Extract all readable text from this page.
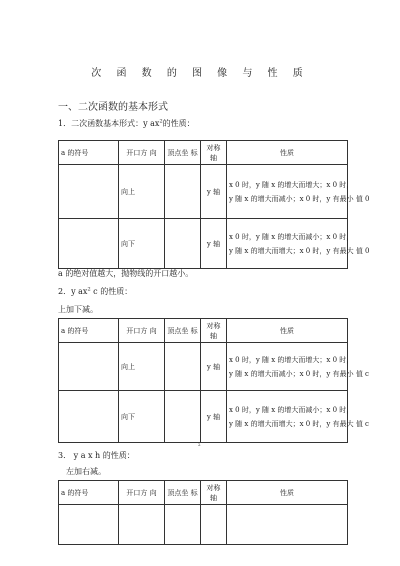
次 函 数 的 图 像 与 性 质
一、二次函数的基本形式
1．二次函数基本形式：y $ax^2$的性质：
a 的符号	开口方 向	顶点坐 标	对称 轴	性质
	向上		y 轴	x 0 时，y 随 x 的增大而增大；x 0 时，
y 随 x 的增大而减小；x 0 时，y 有最小 值 0

	向下		y 轴	x 0 时，y 随 x 的增大而减小；x 0 时，
y 随 x 的增大而增大；x 0 时，y 有最大 值 0
a 的绝对值越大，抛物线的开口越小。
2．y $ax^2$ c 的性质：
上加下减。
a 的符号	开口方 向	顶点坐 标	对称 轴	性质
	向上		y 轴	x 0 时，y 随 x 的增大而增大；x 0 时，
y 随 x 的增大而减小；x 0 时，y 有最小 值 c

	向下		y 轴	x 0 时，y 随 x 的增大而减小；x 0 时，
y 随 x 的增大而增大；x 0 时，y 有最大 值 c
2
3． y a x h 的性质：
左加右减。
a 的符号	开口方 向	顶点坐 标	对称 轴	性质
